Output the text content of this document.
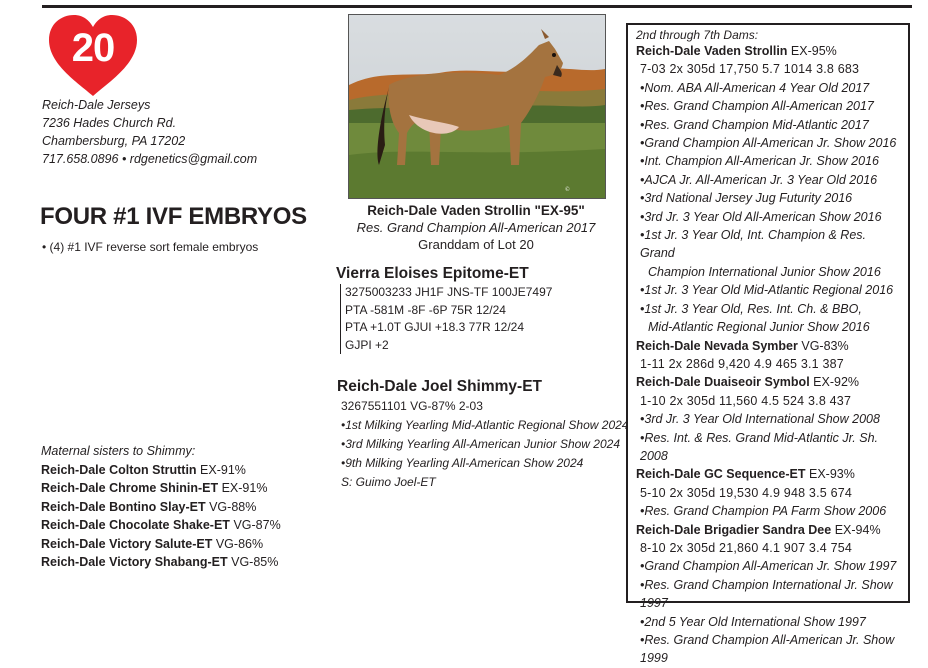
20
Reich-Dale Jerseys
7236 Hades Church Rd.
Chambersburg, PA 17202
717.658.0896 • rdgenetics@gmail.com
FOUR #1 IVF EMBRYOS
• (4) #1 IVF reverse sort female embryos
Maternal sisters to Shimmy:
Reich-Dale Colton Struttin EX-91%
Reich-Dale Chrome Shinin-ET EX-91%
Reich-Dale Bontino Slay-ET VG-88%
Reich-Dale Chocolate Shake-ET VG-87%
Reich-Dale Victory Salute-ET VG-86%
Reich-Dale Victory Shabang-ET VG-85%
©
Reich-Dale Vaden Strollin "EX-95"
Res. Grand Champion All-American 2017
Granddam of Lot 20
Vierra Eloises Epitome-ET
3275003233 JH1F JNS-TF 100JE7497
PTA -581M -8F -6P 75R 12/24
PTA +1.0T GJUI +18.3 77R 12/24
GJPI +2
Reich-Dale Joel Shimmy-ET
3267551101 VG-87% 2-03
•1st Milking Yearling Mid-Atlantic Regional Show 2024
•3rd Milking Yearling All-American Junior Show 2024
•9th Milking Yearling All-American Show 2024
S: Guimo Joel-ET
2nd through 7th Dams:
Reich-Dale Vaden Strollin EX-95%
7-03 2x 305d 17,750 5.7 1014 3.8 683
•Nom. ABA All-American 4 Year Old 2017
•Res. Grand Champion All-American 2017
•Res. Grand Champion Mid-Atlantic 2017
•Grand Champion All-American Jr. Show 2016
•Int. Champion All-American Jr. Show 2016
•AJCA Jr. All-American Jr. 3 Year Old 2016
•3rd National Jersey Jug Futurity 2016
•3rd Jr. 3 Year Old All-American Show 2016
•1st Jr. 3 Year Old, Int. Champion & Res. Grand
Champion International Junior Show 2016
•1st Jr. 3 Year Old Mid-Atlantic Regional 2016
•1st Jr. 3 Year Old, Res. Int. Ch. & BBO,
Mid-Atlantic Regional Junior Show 2016
Reich-Dale Nevada Symber VG-83%
1-11 2x 286d 9,420 4.9 465 3.1 387
Reich-Dale Duaiseoir Symbol EX-92%
1-10 2x 305d 11,560 4.5 524 3.8 437
•3rd Jr. 3 Year Old International Show 2008
•Res. Int. & Res. Grand Mid-Atlantic Jr. Sh. 2008
Reich-Dale GC Sequence-ET EX-93%
5-10 2x 305d 19,530 4.9 948 3.5 674
•Res. Grand Champion PA Farm Show 2006
Reich-Dale Brigadier Sandra Dee EX-94%
8-10 2x 305d 21,860 4.1 907 3.4 754
•Grand Champion All-American Jr. Show 1997
•Res. Grand Champion International Jr. Show 1997
•2nd 5 Year Old International Show 1997
•Res. Grand Champion All-American Jr. Show 1999
